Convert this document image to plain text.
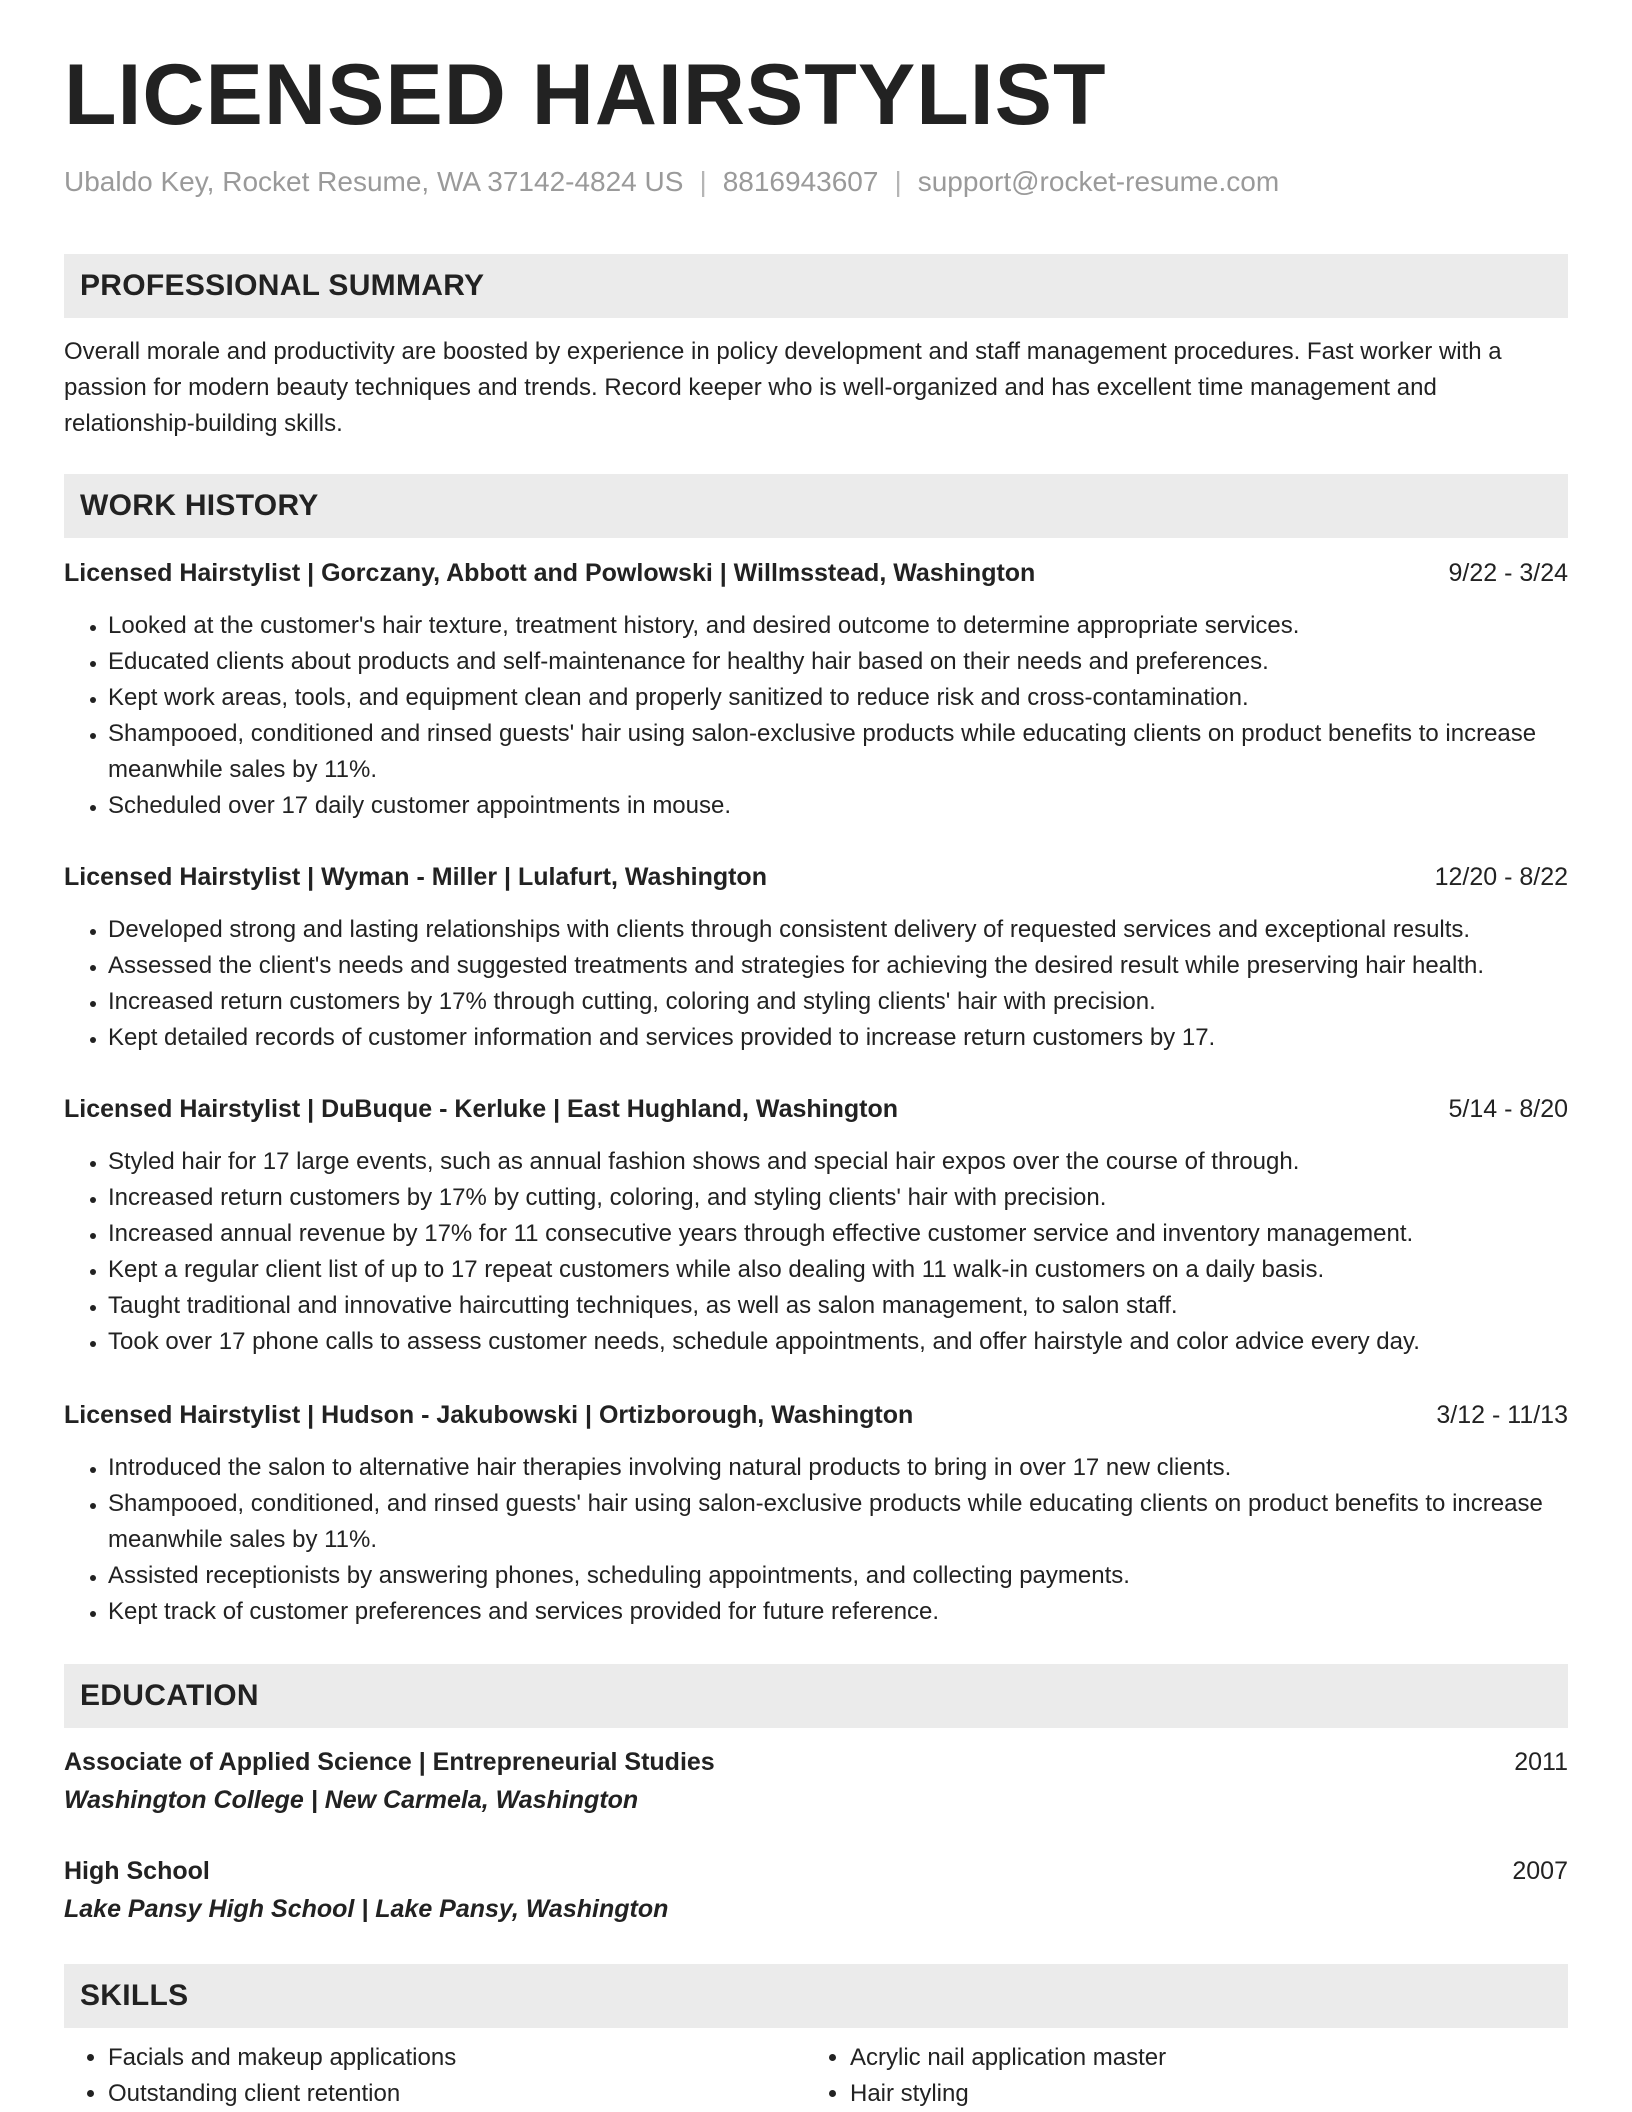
LICENSED HAIRSTYLIST
Ubaldo Key, Rocket Resume, WA 37142-4824 US | 8816943607 | support@rocket-resume.com
PROFESSIONAL SUMMARY

Overall morale and productivity are boosted by experience in policy development and staff management procedures. Fast worker with a passion for modern beauty techniques and trends. Record keeper who is well-organized and has excellent time management and relationship-building skills.

WORK HISTORY
Licensed Hairstylist | Gorczany, Abbott and Powlowski | Willmsstead, Washington	9/22 - 3/24
• Looked at the customer's hair texture, treatment history, and desired outcome to determine appropriate services.
• Educated clients about products and self-maintenance for healthy hair based on their needs and preferences.
• Kept work areas, tools, and equipment clean and properly sanitized to reduce risk and cross-contamination.
• Shampooed, conditioned and rinsed guests' hair using salon-exclusive products while educating clients on product benefits to increase meanwhile sales by 11%.
• Scheduled over 17 daily customer appointments in mouse.
Licensed Hairstylist | Wyman - Miller | Lulafurt, Washington	12/20 - 8/22
• Developed strong and lasting relationships with clients through consistent delivery of requested services and exceptional results.
• Assessed the client's needs and suggested treatments and strategies for achieving the desired result while preserving hair health.
• Increased return customers by 17% through cutting, coloring and styling clients' hair with precision.
• Kept detailed records of customer information and services provided to increase return customers by 17.
Licensed Hairstylist | DuBuque - Kerluke | East Hughland, Washington	5/14 - 8/20
• Styled hair for 17 large events, such as annual fashion shows and special hair expos over the course of through.
• Increased return customers by 17% by cutting, coloring, and styling clients' hair with precision.
• Increased annual revenue by 17% for 11 consecutive years through effective customer service and inventory management.
• Kept a regular client list of up to 17 repeat customers while also dealing with 11 walk-in customers on a daily basis.
• Taught traditional and innovative haircutting techniques, as well as salon management, to salon staff.
• Took over 17 phone calls to assess customer needs, schedule appointments, and offer hairstyle and color advice every day.
Licensed Hairstylist | Hudson - Jakubowski | Ortizborough, Washington	3/12 - 11/13
• Introduced the salon to alternative hair therapies involving natural products to bring in over 17 new clients.
• Shampooed, conditioned, and rinsed guests' hair using salon-exclusive products while educating clients on product benefits to increase meanwhile sales by 11%.
• Assisted receptionists by answering phones, scheduling appointments, and collecting payments.
• Kept track of customer preferences and services provided for future reference.
EDUCATION
Associate of Applied Science | Entrepreneurial Studies	2011
Washington College | New Carmela, Washington
High School	2007
Lake Pansy High School | Lake Pansy, Washington
SKILLS
• Facials and makeup applications
• Outstanding client retention
• Acrylic nail application master
• Hair styling
